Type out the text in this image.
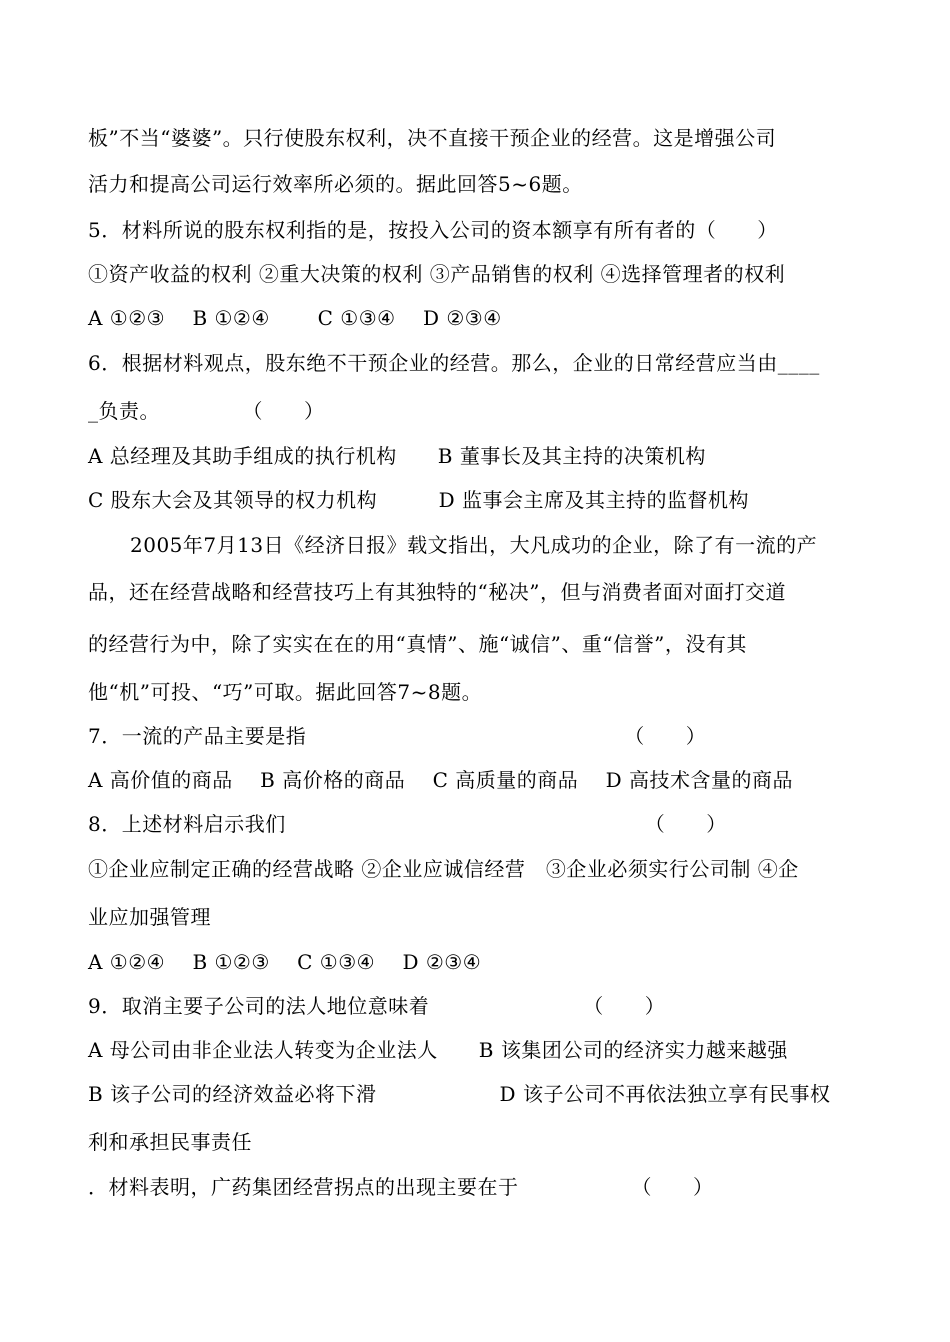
板”不当“婆婆”。只行使股东权利，决不直接干预企业的经营。这是增强公司
活力和提高公司运行效率所必须的。据此回答5~6题。
5．材料所说的股东权利指的是，按投入公司的资本额享有所有者的（　　）
①资产收益的权利 ②重大决策的权利 ③产品销售的权利 ④选择管理者的权利
A ①②③　 B ①②④　　 C ①③④　 D ②③④
6．根据材料观点，股东绝不干预企业的经营。那么，企业的日常经营应当由____
_负责。　　　　　（　　）
A 总经理及其助手组成的执行机构　　B 董事长及其主持的决策机构
C 股东大会及其领导的权力机构　　　D 监事会主席及其主持的监督机构
2005年7月13日《经济日报》载文指出，大凡成功的企业，除了有一流的产
品，还在经营战略和经营技巧上有其独特的“秘决”，但与消费者面对面打交道
的经营行为中，除了实实在在的用“真情”、施“诚信”、重“信誉”，没有其
他“机”可投、“巧”可取。据此回答7~8题。
7．一流的产品主要是指　　　　　　　　　　　　　　　　（　　）
A 高价值的商品　 B 高价格的商品　 C 高质量的商品　 D 高技术含量的商品
8．上述材料启示我们　　　　　　　　　　　　　　　　　　（　　）
①企业应制定正确的经营战略 ②企业应诚信经营　③企业必须实行公司制 ④企
业应加强管理
A ①②④　 B ①②③　 C ①③④　 D ②③④
9．取消主要子公司的法人地位意味着　　　　　　　　（　　）
A 母公司由非企业法人转变为企业法人　　B 该集团公司的经济实力越来越强
B 该子公司的经济效益必将下滑　　　　　　D 该子公司不再依法独立享有民事权
利和承担民事责任
．材料表明，广药集团经营拐点的出现主要在于　　　　　　（　　）
